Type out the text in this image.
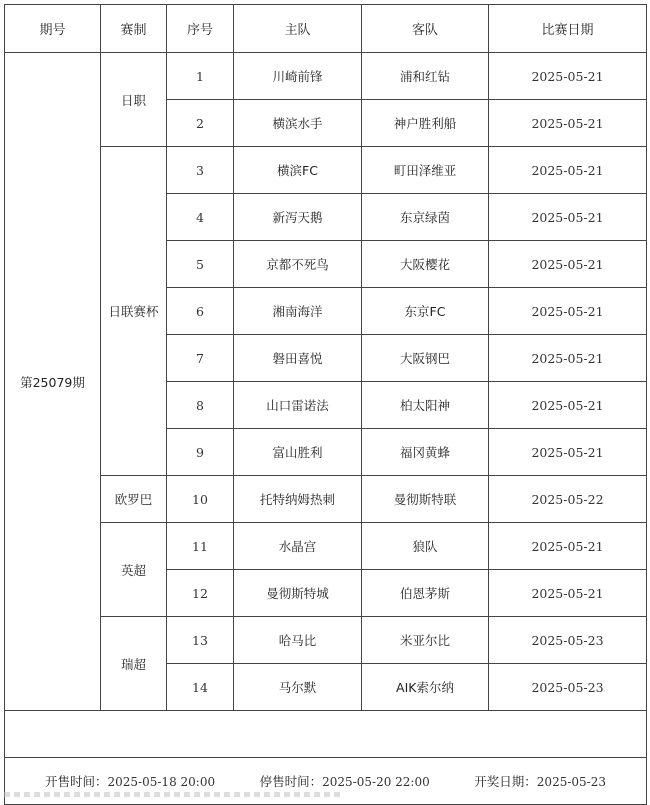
期号	赛制	序号	主队	客队	比赛日期
第25079期	日职	1	川崎前锋	浦和红钻	2025-05-21
		2	横滨水手	神户胜利船	2025-05-21
	日联赛杯	3	横滨FC	町田泽维亚	2025-05-21
		4	新泻天鹅	东京绿茵	2025-05-21
		5	京都不死鸟	大阪樱花	2025-05-21
		6	湘南海洋	东京FC	2025-05-21
		7	磐田喜悦	大阪钢巴	2025-05-21
		8	山口雷诺法	柏太阳神	2025-05-21
		9	富山胜利	福冈黄蜂	2025-05-21
	欧罗巴	10	托特纳姆热刺	曼彻斯特联	2025-05-22
	英超	11	水晶宫	狼队	2025-05-21
		12	曼彻斯特城	伯恩茅斯	2025-05-21
	瑞超	13	哈马比	米亚尔比	2025-05-23
		14	马尔默	AIK索尔纳	2025-05-23

开售时间：2025-05-18 20:00 停售时间：2025-05-20 22:00 开奖日期：2025-05-23					
